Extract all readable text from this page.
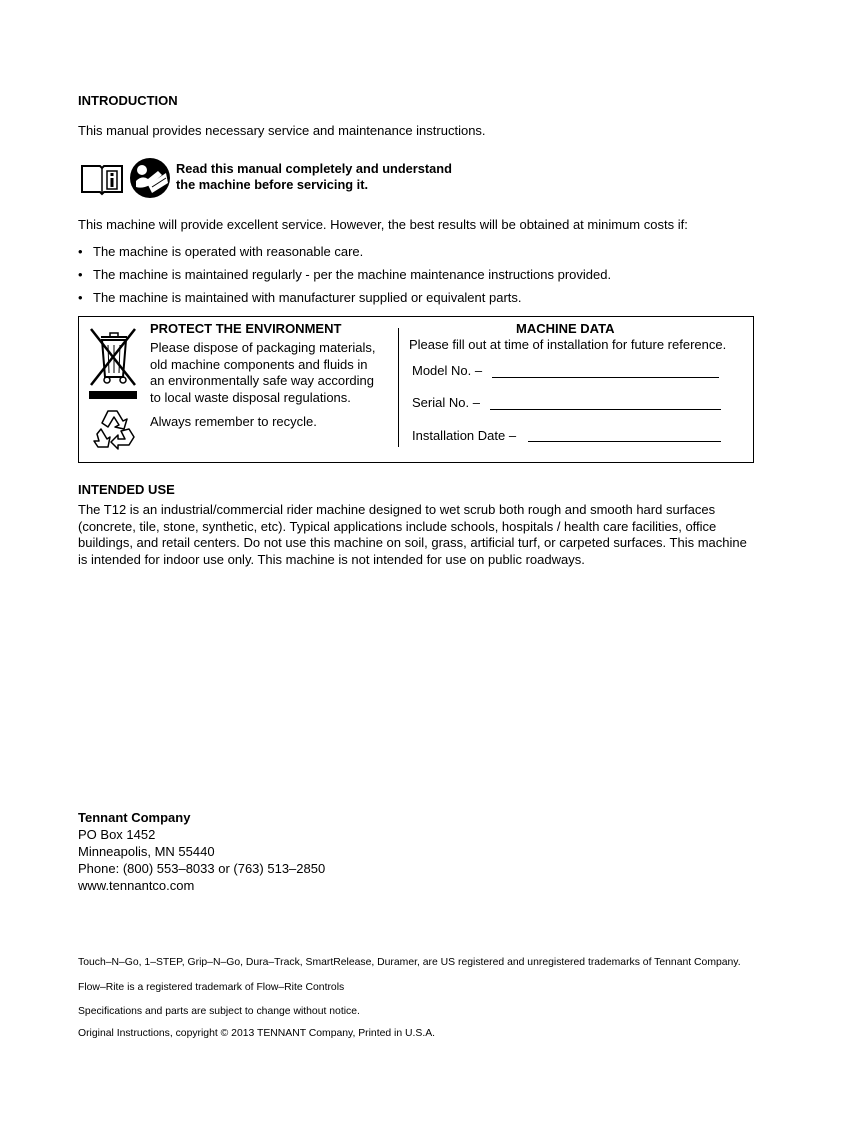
INTRODUCTION
This manual provides necessary service and maintenance instructions.
Read this manual completely and understand
the machine before servicing it.
This machine will provide excellent service. However, the best results will be obtained at minimum costs if:
• The machine is operated with reasonable care.
• The machine is maintained regularly - per the machine maintenance instructions provided.
• The machine is maintained with manufacturer supplied or equivalent parts.
PROTECT THE ENVIRONMENT
Please dispose of packaging materials,
old machine components and fluids in
an environmentally safe way according
to local waste disposal regulations.
Always remember to recycle.
MACHINE DATA
Please fill out at time of installation for future reference.
Model No. –
Serial No. –
Installation Date –
INTENDED USE
The T12 is an industrial/commercial rider machine designed to wet scrub both rough and smooth hard surfaces
(concrete, tile, stone, synthetic, etc). Typical applications include schools, hospitals / health care facilities, office
buildings, and retail centers. Do not use this machine on soil, grass, artificial turf, or carpeted surfaces. This machine
is intended for indoor use only. This machine is not intended for use on public roadways.
Tennant Company
PO Box 1452
Minneapolis, MN 55440
Phone: (800) 553–8033 or (763) 513–2850
www.tennantco.com
Touch–N–Go, 1–STEP, Grip–N–Go, Dura–Track, SmartRelease, Duramer, are US registered and unregistered trademarks of Tennant Company.
Flow–Rite is a registered trademark of Flow–Rite Controls
Specifications and parts are subject to change without notice.
Original Instructions, copyright © 2013 TENNANT Company, Printed in U.S.A.
